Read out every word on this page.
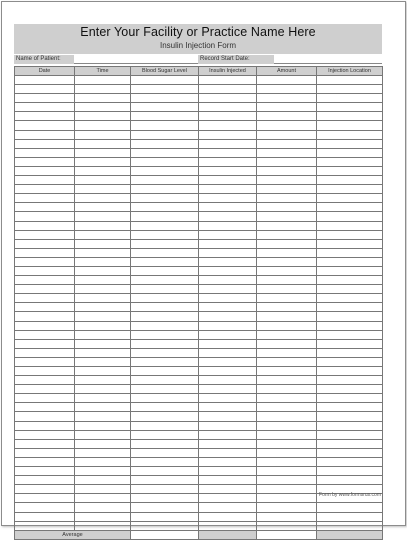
Enter Your Facility or Practice Name Here
Insulin Injection Form
Name of Patient:	Record Start Date:
Date	Time	Blood Sugar Level	Insulin Injected	Amount	Injection Location

Average					
Form by www.formsrus.com
